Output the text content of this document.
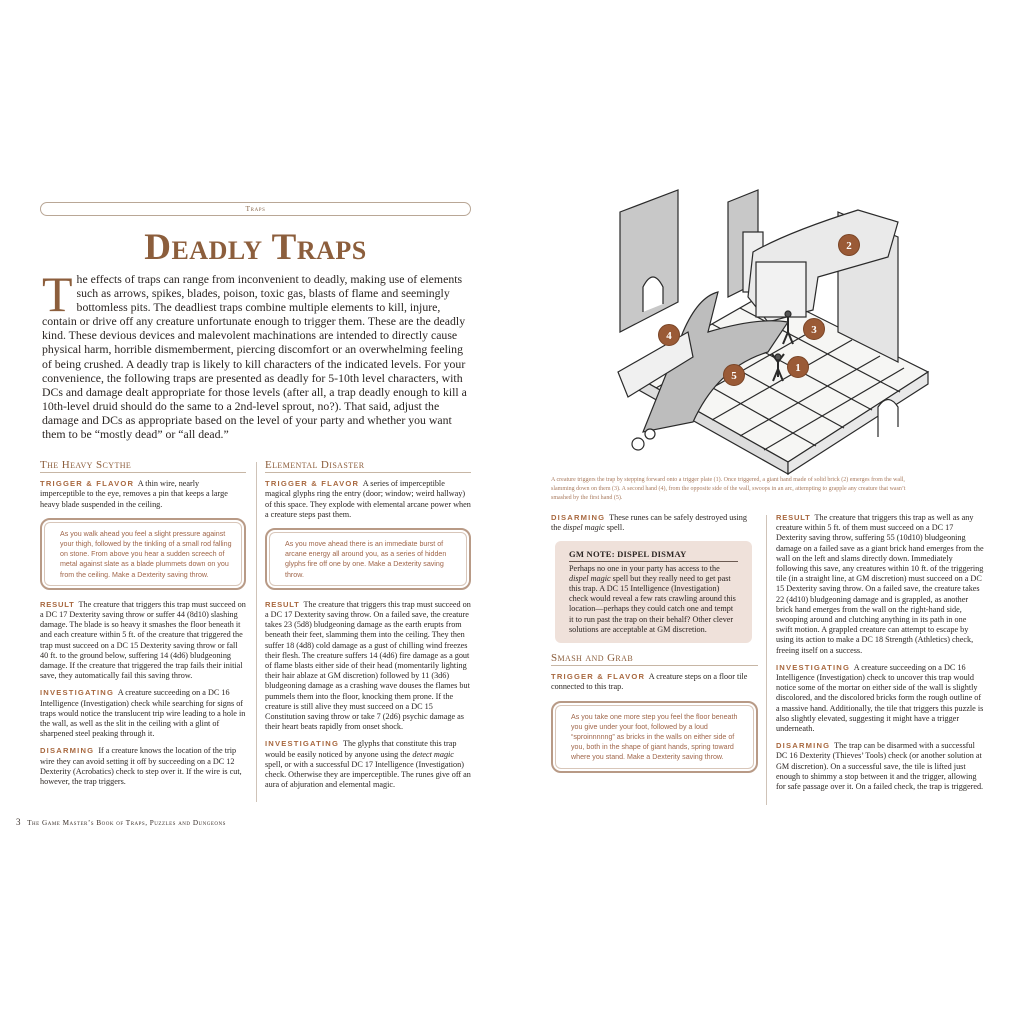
Traps
Deadly Traps
The effects of traps can range from inconvenient to deadly, making use of elements such as arrows, spikes, blades, poison, toxic gas, blasts of flame and seemingly bottomless pits. The deadliest traps combine multiple elements to kill, injure, contain or drive off any creature unfortunate enough to trigger them. These are the deadly kind. These devious devices and malevolent machinations are intended to directly cause physical harm, horrible dismemberment, piercing discomfort or an overwhelming feeling of being crushed. A deadly trap is likely to kill characters of the indicated levels. For your convenience, the following traps are presented as deadly for 5-10th level characters, with DCs and damage dealt appropriate for those levels (after all, a trap deadly enough to kill a 10th-level druid should do the same to a 2nd-level sprout, no?). That said, adjust the damage and DCs as appropriate based on the level of your party and whether you want them to be “mostly dead” or “all dead.”
The Heavy Scythe

TRIGGER & FLAVOR A thin wire, nearly imperceptible to the eye, removes a pin that keeps a large heavy blade suspended in the ceiling.

As you walk ahead you feel a slight pressure against your thigh, followed by the tinkling of a small rod falling on stone. From above you hear a sudden screech of metal against slate as a blade plummets down on you from the ceiling. Make a Dexterity saving throw.

RESULT The creature that triggers this trap must succeed on a DC 17 Dexterity saving throw or suffer 44 (8d10) slashing damage. The blade is so heavy it smashes the floor beneath it and each creature within 5 ft. of the creature that triggered the trap must succeed on a DC 15 Dexterity saving throw or fall 40 ft. to the ground below, suffering 14 (4d6) bludgeoning damage. If the creature that triggered the trap fails their initial save, they automatically fail this saving throw.

INVESTIGATING A creature succeeding on a DC 16 Intelligence (Investigation) check while searching for signs of traps would notice the translucent trip wire leading to a hole in the wall, as well as the slit in the ceiling with a glint of sharpened steel peaking through it.

DISARMING If a creature knows the location of the trip wire they can avoid setting it off by succeeding on a DC 12 Dexterity (Acrobatics) check to step over it. If the wire is cut, however, the trap triggers.

Elemental Disaster

TRIGGER & FLAVOR A series of imperceptible magical glyphs ring the entry (door; window; weird hallway) of this space. They explode with elemental arcane power when a creature steps past them.

As you move ahead there is an immediate burst of arcane energy all around you, as a series of hidden glyphs fire off one by one. Make a Dexterity saving throw.

RESULT The creature that triggers this trap must succeed on a DC 17 Dexterity saving throw. On a failed save, the creature takes 23 (5d8) bludgeoning damage as the earth erupts from beneath their feet, slamming them into the ceiling. They then suffer 18 (4d8) cold damage as a gust of chilling wind freezes their flesh. The creature suffers 14 (4d6) fire damage as a gout of flame blasts either side of their head (momentarily lighting their hair ablaze at GM discretion) followed by 11 (3d6) bludgeoning damage as a crashing wave douses the flames but pummels them into the floor, knocking them prone. If the creature is still alive they must succeed on a DC 15 Constitution saving throw or take 7 (2d6) psychic damage as their heart beats rapidly from onset shock.

INVESTIGATING The glyphs that constitute this trap would be easily noticed by anyone using the detect magic spell, or with a successful DC 17 Intelligence (Investigation) check. Otherwise they are imperceptible. The runes give off an aura of abjuration and elemental magic.

3 The Game Master’s Book of Traps, Puzzles and Dungeons
1
2
3
4
5
A creature triggers the trap by stepping forward onto a trigger plate (1). Once triggered, a giant hand made of solid brick (2) emerges from the wall, slamming down on them (3). A second hand (4), from the opposite side of the wall, swoops in an arc, attempting to grapple any creature that wasn’t smashed by the first hand (5).

DISARMING These runes can be safely destroyed using the dispel magic spell.

GM NOTE: DISPEL DISMAY
Perhaps no one in your party has access to the dispel magic spell but they really need to get past this trap. A DC 15 Intelligence (Investigation) check would reveal a few rats crawling around this location—perhaps they could catch one and tempt it to run past the trap on their behalf? Other clever solutions are acceptable at GM discretion.
Smash and Grab

TRIGGER & FLAVOR A creature steps on a floor tile connected to this trap.

As you take one more step you feel the floor beneath you give under your foot, followed by a loud “sproinnnnng” as bricks in the walls on either side of you, both in the shape of giant hands, spring toward where you stand. Make a Dexterity saving throw.

RESULT The creature that triggers this trap as well as any creature within 5 ft. of them must succeed on a DC 17 Dexterity saving throw, suffering 55 (10d10) bludgeoning damage on a failed save as a giant brick hand emerges from the wall on the left and slams directly down. Immediately following this save, any creatures within 10 ft. of the triggering tile (in a straight line, at GM discretion) must succeed on a DC 15 Dexterity saving throw. On a failed save, the creature takes 22 (4d10) bludgeoning damage and is grappled, as another brick hand emerges from the wall on the right-hand side, swooping around and clutching anything in its path in one swift motion. A grappled creature can attempt to escape by using its action to make a DC 18 Strength (Athletics) check, freeing itself on a success.

INVESTIGATING A creature succeeding on a DC 16 Intelligence (Investigation) check to uncover this trap would notice some of the mortar on either side of the wall is slightly discolored, and the discolored bricks form the rough outline of a massive hand. Additionally, the tile that triggers this puzzle is also slightly elevated, suggesting it might have a trigger underneath.

DISARMING The trap can be disarmed with a successful DC 16 Dexterity (Thieves’ Tools) check (or another solution at GM discretion). On a successful save, the tile is lifted just enough to shimmy a stop between it and the trigger, allowing for safe passage over it. On a failed check, the trap is triggered.
